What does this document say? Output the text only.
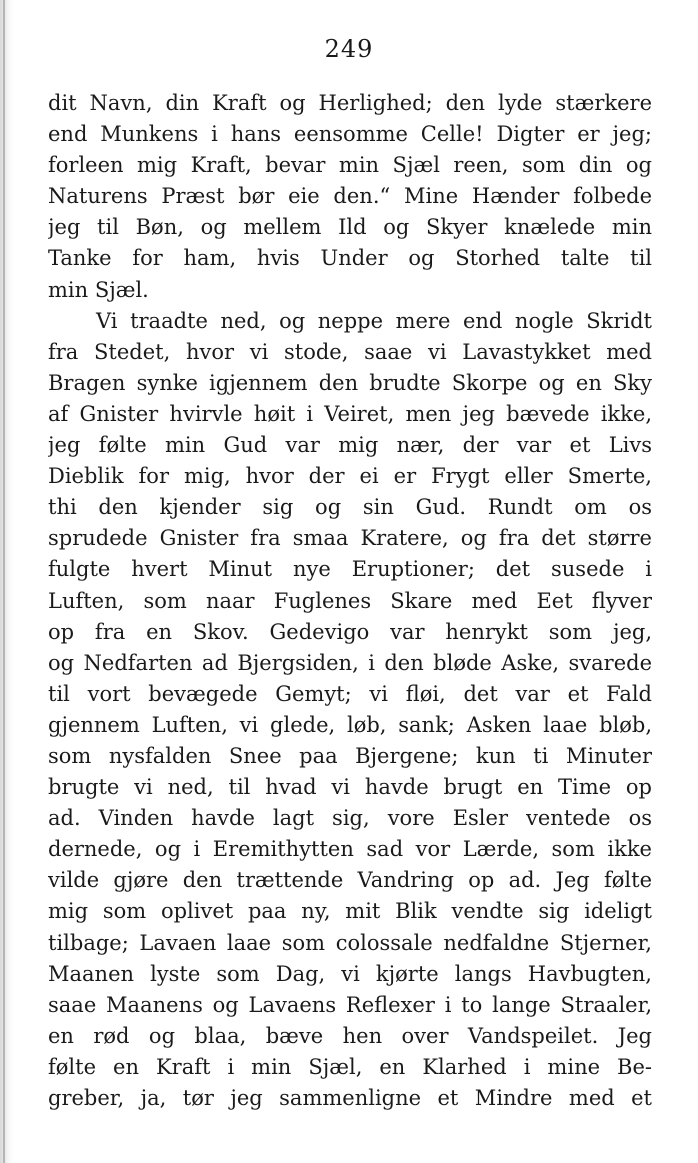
249
dit Navn, din Kraft og Herlighed; den lyde stærkere
end Munkens i hans eensomme Celle! Digter er jeg;
forleen mig Kraft, bevar min Sjæl reen, som din og
Naturens Præst bør eie den.“ Mine Hænder folbede
jeg til Bøn, og mellem Ild og Skyer knælede min
Tanke for ham, hvis Under og Storhed talte til
min Sjæl.
Vi traadte ned, og neppe mere end nogle Skridt
fra Stedet, hvor vi stode, saae vi Lavastykket med
Bragen synke igjennem den brudte Skorpe og en Sky
af Gnister hvirvle høit i Veiret, men jeg bævede ikke,
jeg følte min Gud var mig nær, der var et Livs
Dieblik for mig, hvor der ei er Frygt eller Smerte,
thi den kjender sig og sin Gud. Rundt om os
sprudede Gnister fra smaa Kratere, og fra det større
fulgte hvert Minut nye Eruptioner; det susede i
Luften, som naar Fuglenes Skare med Eet flyver
op fra en Skov. Gedevigo var henrykt som jeg,
og Nedfarten ad Bjergsiden, i den bløde Aske, svarede
til vort bevægede Gemyt; vi fløi, det var et Fald
gjennem Luften, vi glede, løb, sank; Asken laae bløb,
som nysfalden Snee paa Bjergene; kun ti Minuter
brugte vi ned, til hvad vi havde brugt en Time op
ad. Vinden havde lagt sig, vore Esler ventede os
dernede, og i Eremithytten sad vor Lærde, som ikke
vilde gjøre den trættende Vandring op ad. Jeg følte
mig som oplivet paa ny, mit Blik vendte sig ideligt
tilbage; Lavaen laae som colossale nedfaldne Stjerner,
Maanen lyste som Dag, vi kjørte langs Havbugten,
saae Maanens og Lavaens Reflexer i to lange Straaler,
en rød og blaa, bæve hen over Vandspeilet. Jeg
følte en Kraft i min Sjæl, en Klarhed i mine Be-
greber, ja, tør jeg sammenligne et Mindre med et
